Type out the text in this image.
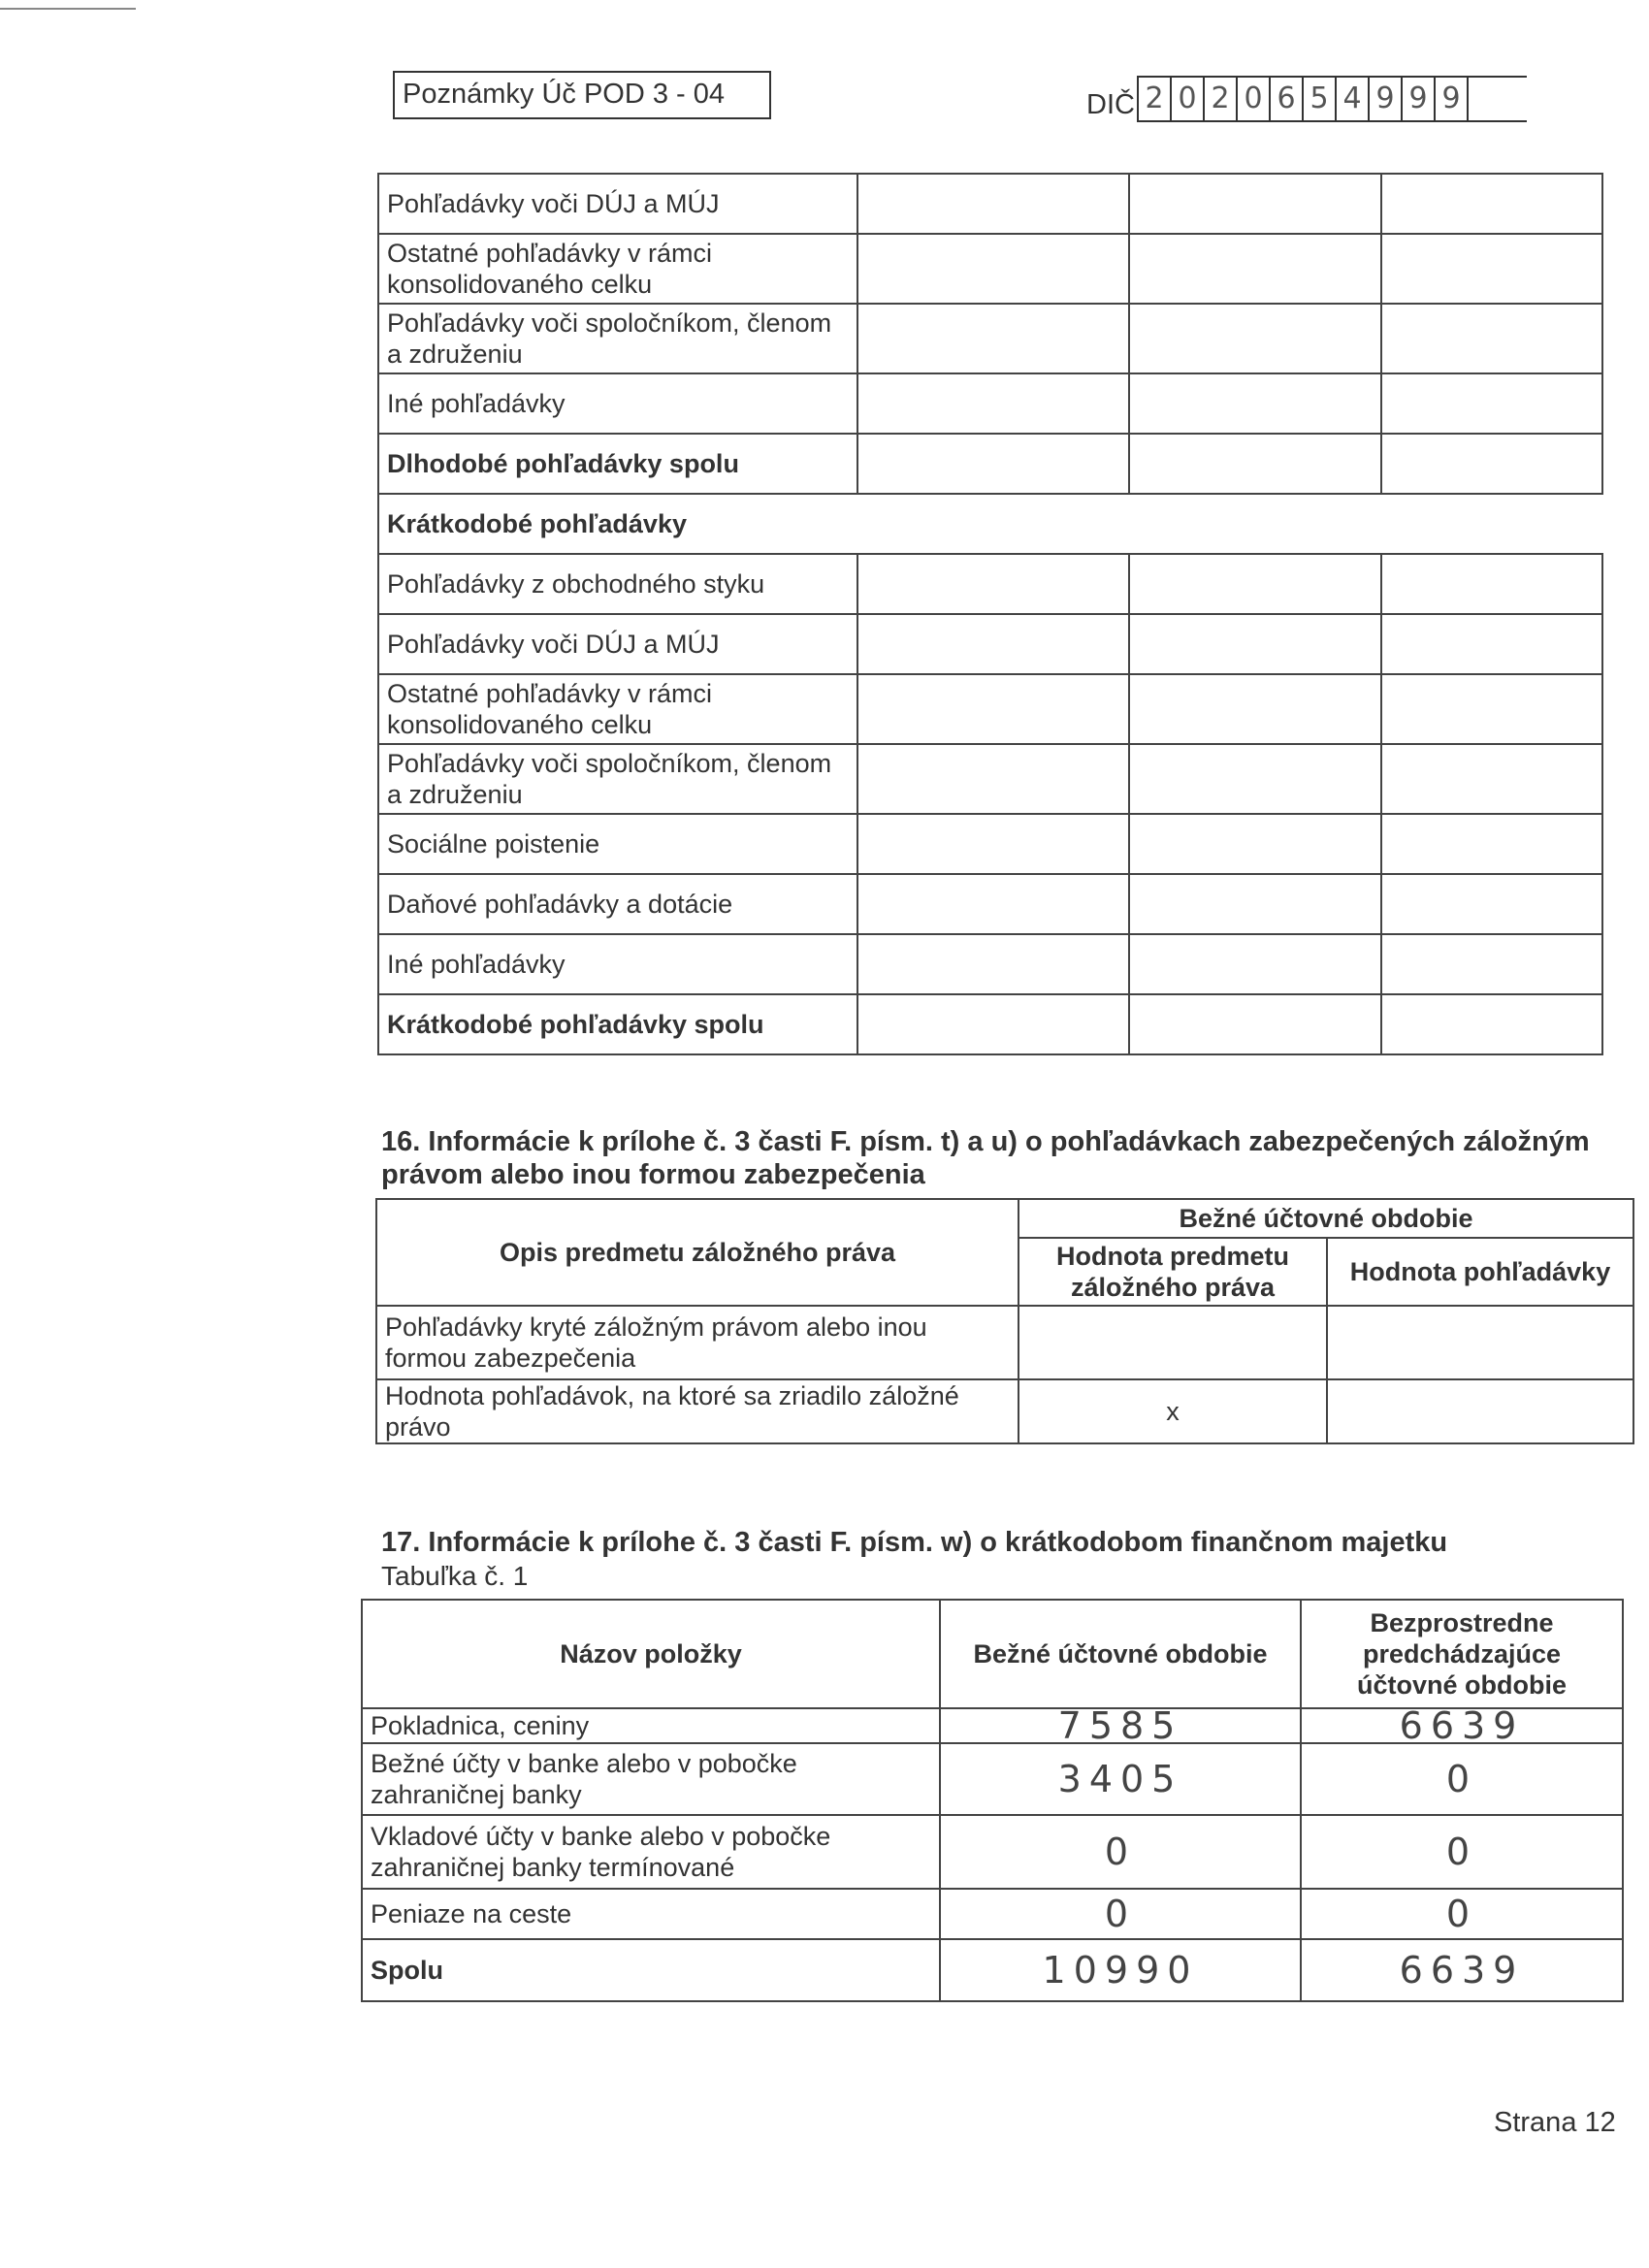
Poznámky Úč POD 3 - 04	DIČ 2 0 2 0 6 5 4 9 9 9
Pohľadávky voči DÚJ a MÚJ			
Ostatné pohľadávky v rámci konsolidovaného celku			
Pohľadávky voči spoločníkom, členom a združeniu			
Iné pohľadávky			
Dlhodobé pohľadávky spolu			
Krátkodobé pohľadávky			
Pohľadávky z obchodného styku			
Pohľadávky voči DÚJ a MÚJ			
Ostatné pohľadávky v rámci konsolidovaného celku			
Pohľadávky voči spoločníkom, členom a združeniu			
Sociálne poistenie			
Daňové pohľadávky a dotácie			
Iné pohľadávky			
Krátkodobé pohľadávky spolu			
16. Informácie k prílohe č. 3 časti F. písm. t) a u) o pohľadávkach zabezpečených záložným právom alebo inou formou zabezpečenia
Opis predmetu záložného práva	Bežné účtovné obdobie	
	Hodnota predmetu záložného práva	Hodnota pohľadávky
Pohľadávky kryté záložným právom alebo inou formou zabezpečenia		
Hodnota pohľadávok, na ktoré sa zriadilo záložné právo	x	
17. Informácie k prílohe č. 3 časti F. písm. w) o krátkodobom finančnom majetku
Tabuľka č. 1
Názov položky	Bežné účtovné obdobie	Bezprostredne predchádzajúce účtovné obdobie
Pokladnica, ceniny	7585	6639
Bežné účty v banke alebo v pobočke zahraničnej banky	3405	0
Vkladové účty v banke alebo v pobočke zahraničnej banky termínované	0	0
Peniaze na ceste	0	0
Spolu	10990	6639
Strana 12
